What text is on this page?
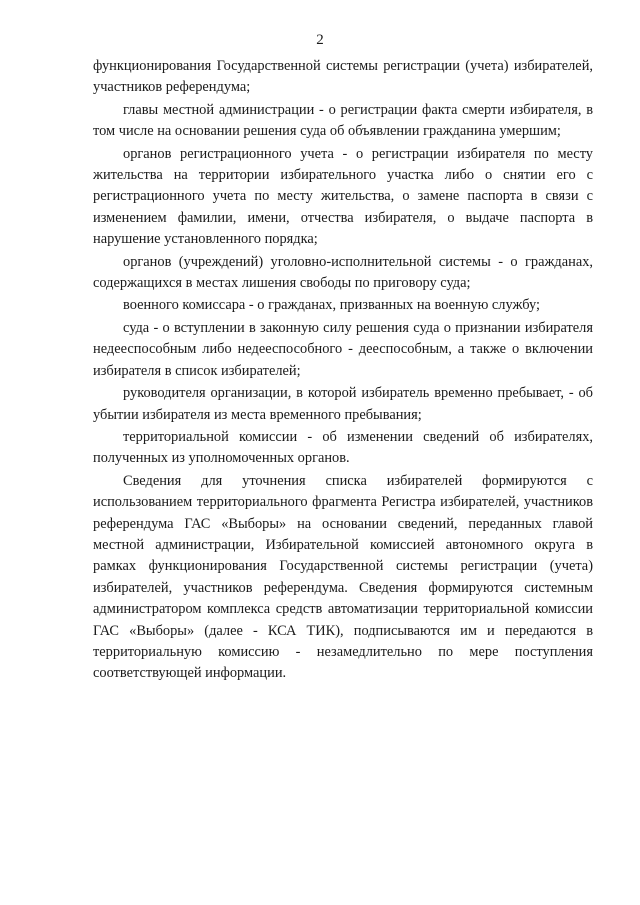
2

функционирования Государственной системы регистрации (учета) избирателей, участников референдума;

главы местной администрации - о регистрации факта смерти избирателя, в том числе на основании решения суда об объявлении гражданина умершим;

органов регистрационного учета - о регистрации избирателя по месту жительства на территории избирательного участка либо о снятии его с регистрационного учета по месту жительства, о замене паспорта в связи с изменением фамилии, имени, отчества избирателя, о выдаче паспорта в нарушение установленного порядка;

органов (учреждений) уголовно-исполнительной системы - о гражданах, содержащихся в местах лишения свободы по приговору суда;

военного комиссара - о гражданах, призванных на военную службу;

суда - о вступлении в законную силу решения суда о признании избирателя недееспособным либо недееспособного - дееспособным, а также о включении избирателя в список избирателей;

руководителя организации, в которой избиратель временно пребывает, - об убытии избирателя из места временного пребывания;

территориальной комиссии - об изменении сведений об избирателях, полученных из уполномоченных органов.

Сведения для уточнения списка избирателей формируются с использованием территориального фрагмента Регистра избирателей, участников референдума ГАС «Выборы» на основании сведений, переданных главой местной администрации, Избирательной комиссией автономного округа в рамках функционирования Государственной системы регистрации (учета) избирателей, участников референдума. Сведения формируются системным администратором комплекса средств автоматизации территориальной комиссии ГАС «Выборы» (далее - КСА ТИК), подписываются им и передаются в территориальную комиссию - незамедлительно по мере поступления соответствующей информации.
